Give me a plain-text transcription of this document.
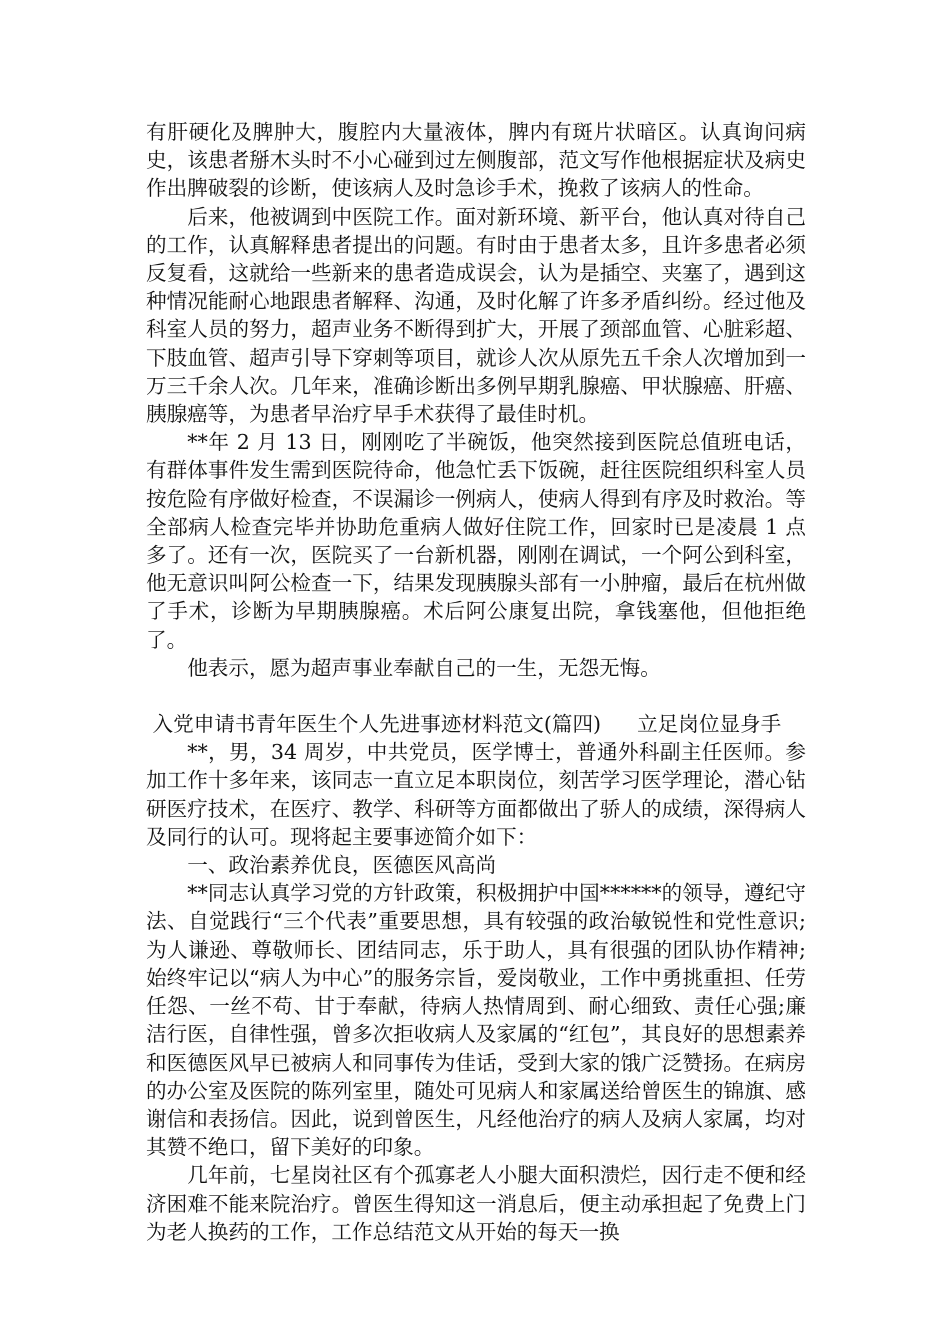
有肝硬化及脾肿大，腹腔内大量液体，脾内有斑片状暗区。认真询问病史，该患者掰木头时不小心碰到过左侧腹部，范文写作他根据症状及病史作出脾破裂的诊断，使该病人及时急诊手术，挽救了该病人的性命。

后来，他被调到中医院工作。面对新环境、新平台，他认真对待自己的工作，认真解释患者提出的问题。有时由于患者太多，且许多患者必须反复看，这就给一些新来的患者造成误会，认为是插空、夹塞了，遇到这种情况能耐心地跟患者解释、沟通，及时化解了许多矛盾纠纷。经过他及科室人员的努力，超声业务不断得到扩大，开展了颈部血管、心脏彩超、下肢血管、超声引导下穿刺等项目，就诊人次从原先五千余人次增加到一万三千余人次。几年来，准确诊断出多例早期乳腺癌、甲状腺癌、肝癌、胰腺癌等，为患者早治疗早手术获得了最佳时机。

**年 2 月 13 日，刚刚吃了半碗饭，他突然接到医院总值班电话，有群体事件发生需到医院待命，他急忙丢下饭碗，赶往医院组织科室人员按危险有序做好检查，不误漏诊一例病人，使病人得到有序及时救治。等全部病人检查完毕并协助危重病人做好住院工作，回家时已是凌晨 1 点多了。还有一次，医院买了一台新机器，刚刚在调试，一个阿公到科室，他无意识叫阿公检查一下，结果发现胰腺头部有一小肿瘤，最后在杭州做了手术，诊断为早期胰腺癌。术后阿公康复出院，拿钱塞他，但他拒绝了。

他表示，愿为超声事业奉献自己的一生，无怨无悔。

入党申请书青年医生个人先进事迹材料范文(篇四) 立足岗位显身手

**，男，34 周岁，中共党员，医学博士，普通外科副主任医师。参加工作十多年来，该同志一直立足本职岗位，刻苦学习医学理论，潜心钻研医疗技术，在医疗、教学、科研等方面都做出了骄人的成绩，深得病人及同行的认可。现将起主要事迹简介如下：

一、政治素养优良，医德医风高尚

**同志认真学习党的方针政策，积极拥护中国******的领导，遵纪守法、自觉践行“三个代表”重要思想，具有较强的政治敏锐性和党性意识;为人谦逊、尊敬师长、团结同志，乐于助人，具有很强的团队协作精神;始终牢记以“病人为中心”的服务宗旨，爱岗敬业，工作中勇挑重担、任劳任怨、一丝不苟、甘于奉献，待病人热情周到、耐心细致、责任心强;廉洁行医，自律性强，曾多次拒收病人及家属的“红包”，其良好的思想素养和医德医风早已被病人和同事传为佳话，受到大家的饿广泛赞扬。在病房的办公室及医院的陈列室里，随处可见病人和家属送给曾医生的锦旗、感谢信和表扬信。因此，说到曾医生，凡经他治疗的病人及病人家属，均对其赞不绝口，留下美好的印象。

几年前，七星岗社区有个孤寡老人小腿大面积溃烂，因行走不便和经济困难不能来院治疗。曾医生得知这一消息后，便主动承担起了免费上门为老人换药的工作，工作总结范文从开始的每天一换
